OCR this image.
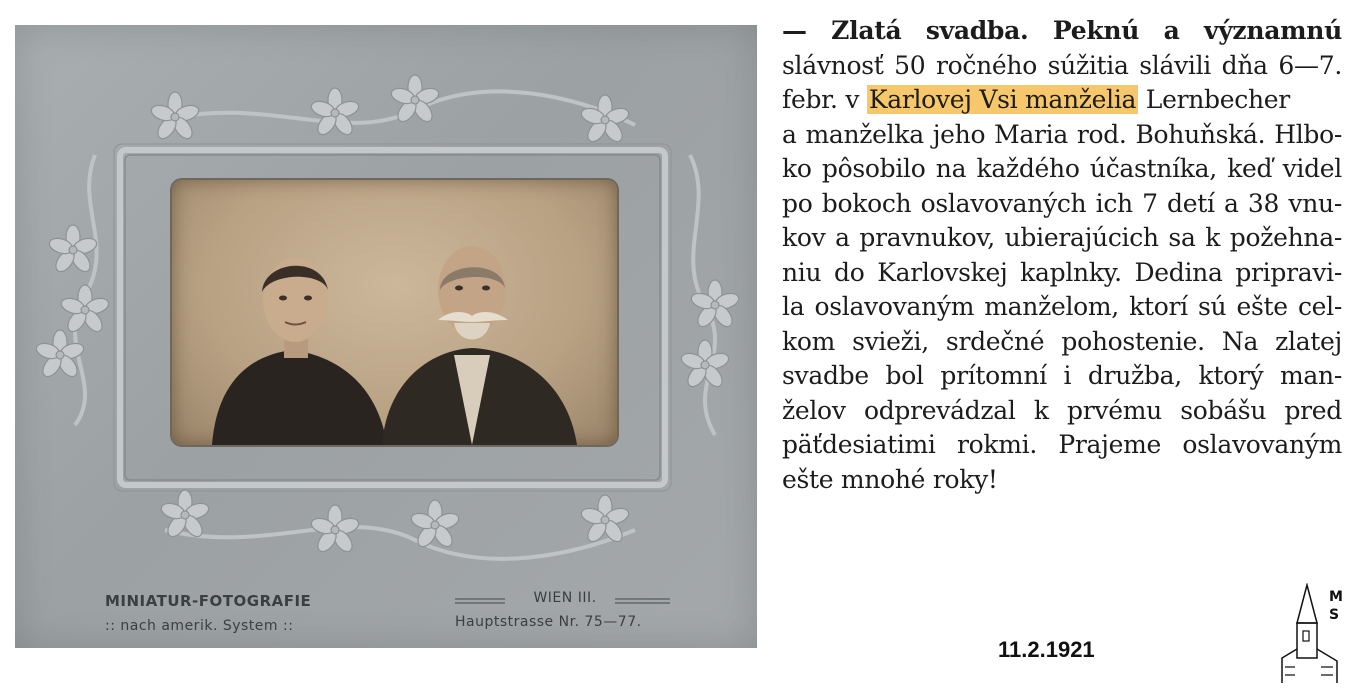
MINIATUR-FOTOGRAFIE
:: nach amerik. System ::
WIEN III.
Hauptstrasse Nr. 75—77.
— Zlatá svadba. Peknú a významnú
slávnosť 50 ročného súžitia slávili dňa 6—7.
febr. v Karlovej Vsi manželia Lernbecher
a manželka jeho Maria rod. Bohuňská. Hlbo-
ko pôsobilo na každého účastníka, keď videl
po bokoch oslavovaných ich 7 detí a 38 vnu-
kov a pravnukov, ubierajúcich sa k požehna-
niu do Karlovskej kaplnky. Dedina pripravi-
la oslavovaným manželom, ktorí sú ešte cel-
kom svieži, srdečné pohostenie. Na zlatej
svadbe bol prítomní i družba, ktorý man-
želov odprevádzal k prvému sobášu pred
päťdesiatimi rokmi. Prajeme oslavovaným
ešte mnohé roky!
11.2.1921
M
S
